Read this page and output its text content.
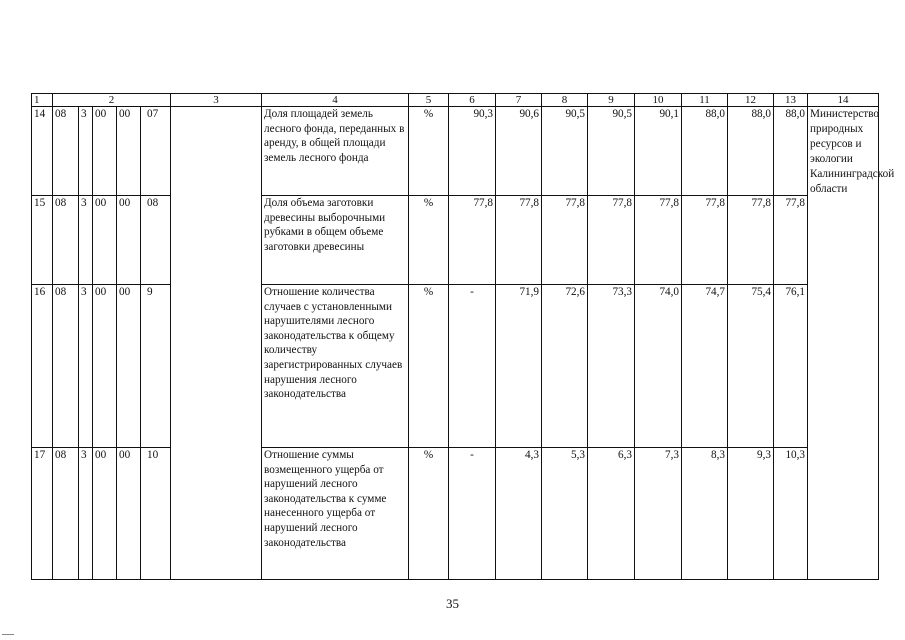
1	2					3	4	5	6	7	8	9	10	11	12	13	14
14	08	3	00	00	07		Доля площадей земель лесного фонда, переданных в аренду, в общей площади земель лесного фонда	%	90,3	90,6	90,5	90,5	90,1	88,0	88,0	88,0	Министерство природных ресурсов и экологии Калининградской области
15	08	3	00	00	08		Доля объема заготовки древесины выборочными рубками в общем объеме заготовки древесины	%	77,8	77,8	77,8	77,8	77,8	77,8	77,8	77,8	
16	08	3	00	00	9		Отношение количества случаев с установленными нарушителями лесного законодательства к общему количеству зарегистрированных случаев нарушения лесного законодательства	%	-	71,9	72,6	73,3	74,0	74,7	75,4	76,1	
17	08	3	00	00	10		Отношение суммы возмещенного ущерба от нарушений лесного законодательства к сумме нанесенного ущерба от нарушений лесного законодательства	%	-	4,3	5,3	6,3	7,3	8,3	9,3	10,3	
35
